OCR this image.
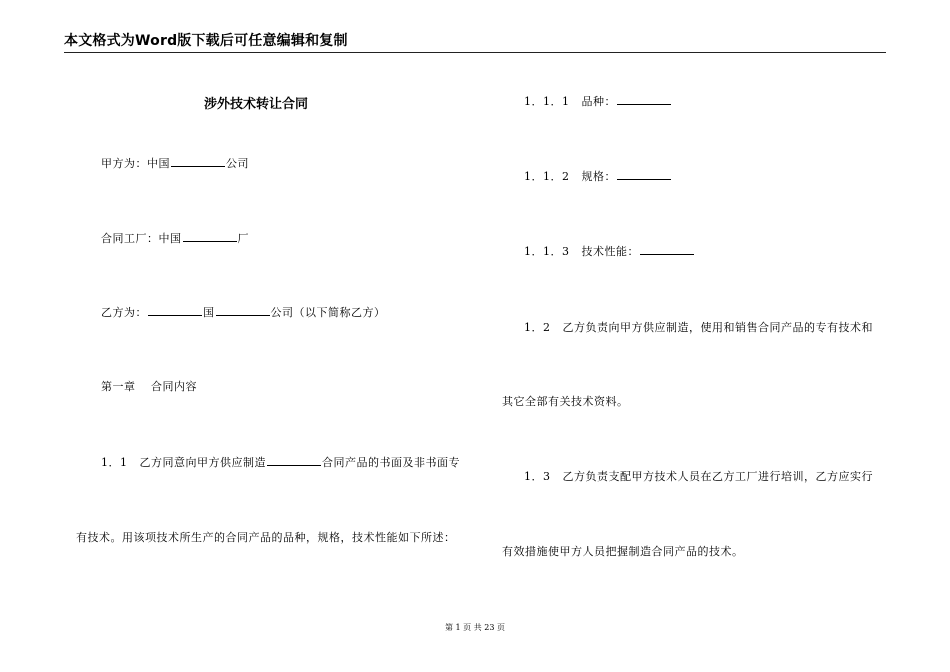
本文格式为Word版下载后可任意编辑和复制
涉外技术转让合同
甲方为：中国	公司
合同工厂：中国	厂
乙方为：	国	公司（以下简称乙方）
第一章　 合同内容
1．1 乙方同意向甲方供应制造	合同产品的书面及非书面专
有技术。用该项技术所生产的合同产品的品种，规格，技术性能如下所述：
1．1．1 品种：
1．1．2 规格：
1．1．3 技术性能：
1．2 乙方负责向甲方供应制造，使用和销售合同产品的专有技术和
其它全部有关技术资料。
1．3 乙方负责支配甲方技术人员在乙方工厂进行培训，乙方应实行
有效措施使甲方人员把握制造合同产品的技术。
第 1 页 共 23 页
